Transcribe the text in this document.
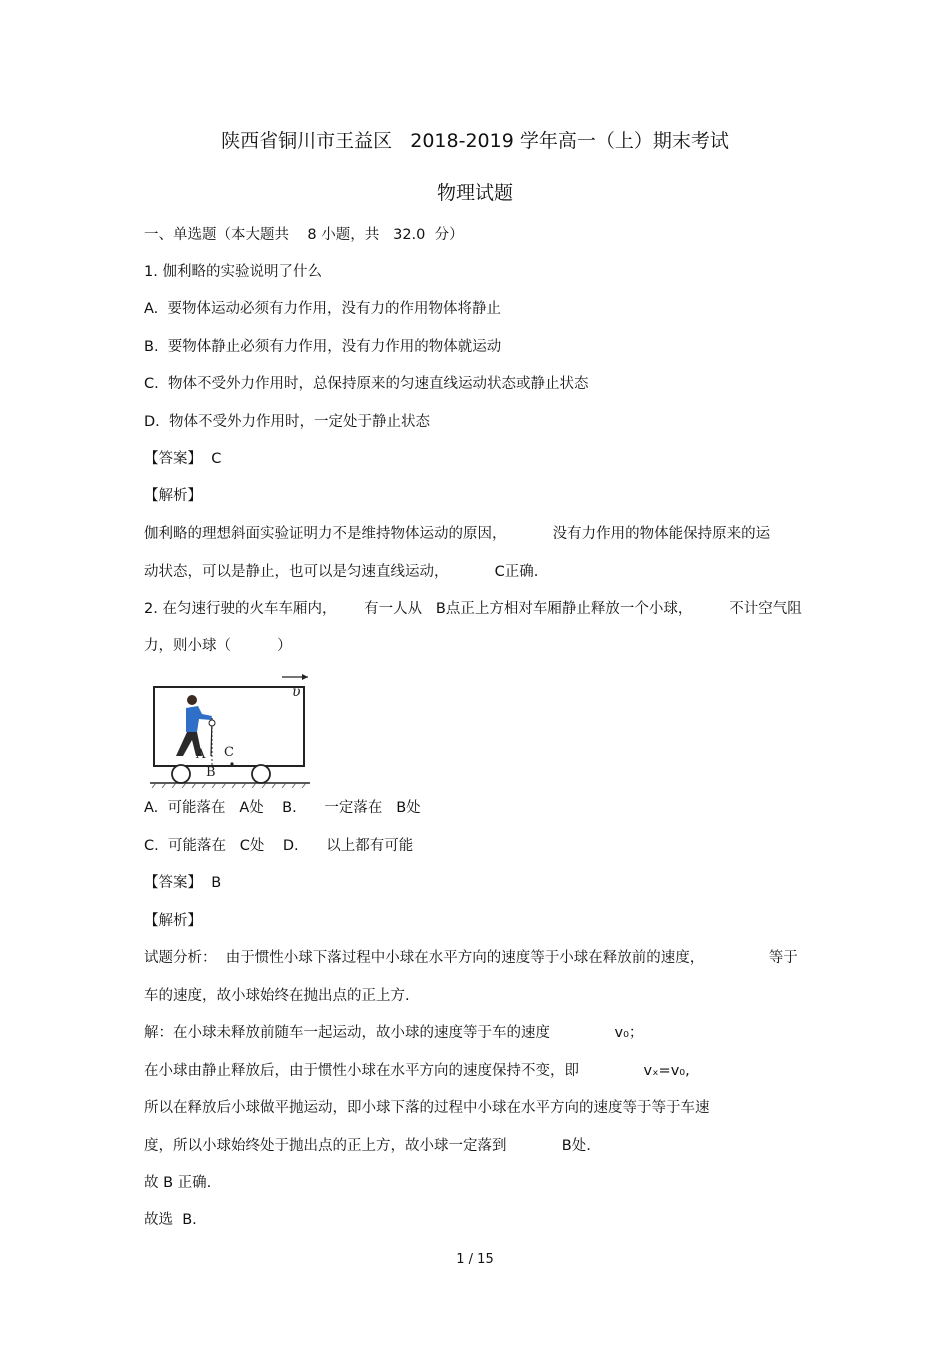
陕西省铜川市王益区   2018-2019 学年高一（上）期末考试
物理试题
一、单选题（本大题共    8 小题，共   32.0  分）
1. 伽利略的实验说明了什么
A.  要物体运动必须有力作用，没有力的作用物体将静止
B.  要物体静止必须有力作用，没有力作用的物体就运动
C.  物体不受外力作用时，总保持原来的匀速直线运动状态或静止状态
D.  物体不受外力作用时，一定处于静止状态
【答案】  C
【解析】
伽利略的理想斜面实验证明力不是维持物体运动的原因，          没有力作用的物体能保持原来的运
动状态，可以是静止，也可以是匀速直线运动，          C正确.
2. 在匀速行驶的火车车厢内，      有一人从   B点正上方相对车厢静止释放一个小球，        不计空气阻
力，则小球（          ）
υ
A
B
C
A.  可能落在   A处    B.      一定落在   B处
C.  可能落在   C处    D.      以上都有可能
【答案】  B
【解析】
试题分析：  由于惯性小球下落过程中小球在水平方向的速度等于小球在释放前的速度，              等于
车的速度，故小球始终在抛出点的正上方.
解：在小球未释放前随车一起运动，故小球的速度等于车的速度              v₀；
在小球由静止释放后，由于惯性小球在水平方向的速度保持不变，即              vₓ=v₀,
所以在释放后小球做平抛运动，即小球下落的过程中小球在水平方向的速度等于等于车速
度，所以小球始终处于抛出点的正上方，故小球一定落到            B处.
故 B 正确.
故选  B.
1 / 15
